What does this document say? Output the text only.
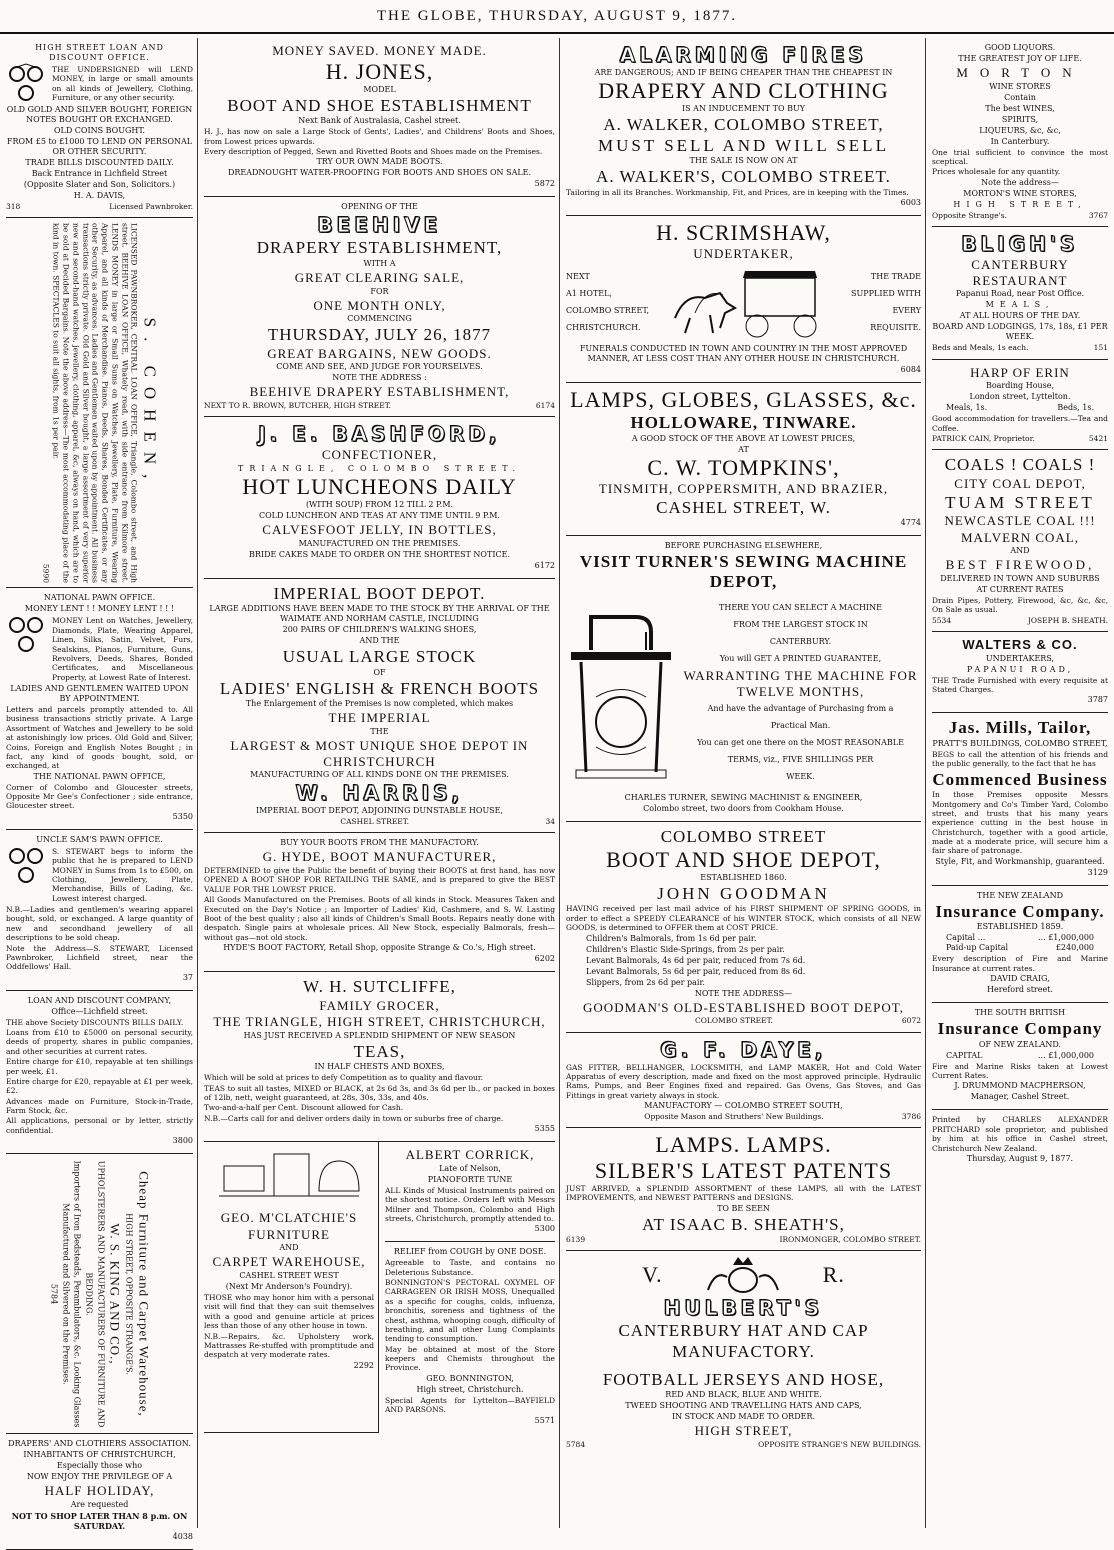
THE GLOBE, THURSDAY, AUGUST 9, 1877.

HIGH STREET LOAN AND DISCOUNT OFFICE.

THE UNDERSIGNED will LEND MONEY, in large or small amounts on all kinds of Jewellery, Clothing, Furniture, or any other security.

OLD GOLD AND SILVER BOUGHT, FOREIGN NOTES BOUGHT OR EXCHANGED.

OLD COINS BOUGHT.

FROM £5 to £1000 TO LEND ON PERSONAL OR OTHER SECURITY.

TRADE BILLS DISCOUNTED DAILY.

Back Entrance in Lichfield Street

(Opposite Slater and Son, Solicitors.)

H. A. DAVIS,

318	Licensed Pawnbroker.

S. COHEN,

LICENSED PAWNBROKER, CENTRAL LOAN OFFICE, Triangle, Colombo street, and High street. BEEHIVE LOAN OFFICE, Whately road, with side entrance from Kilmore street. LENDS MONEY in large or Small Sums on Watches, Jewellery, Plate, Furniture, Wearing Apparel, and all kinds of Merchandise. Pianos, Deeds, Shares, Bonded Certificates, or any other Security, as advances. Ladies and Gentlemen waited upon by appointment. All business transactions strictly private. Old Gold and Silver bought, a large assortment of very superior new and second-hand watches, jewellery, clothing, apparel, &c, always on hand, which are to be sold at Decided Bargains. Note the above address—The most accommodating place of the kind in town. SPECTACLES to suit all sights, from 1s per pair.

5990

NATIONAL PAWN OFFICE.

MONEY LENT ! ! MONEY LENT ! ! !

MONEY Lent on Watches, Jewellery, Diamonds, Plate, Wearing Apparel, Linen, Silks, Satin, Velvet, Furs, Sealskins, Pianos, Furniture, Guns, Revolvers, Deeds, Shares, Bonded Certificates, and Miscellaneous Property, at Lowest Rate of Interest.

LADIES AND GENTLEMEN WAITED UPON BY APPOINTMENT.

Letters and parcels promptly attended to. All business transactions strictly private. A Large Assortment of Watches and Jewellery to be sold at astonishingly low prices. Old Gold and Silver, Coins, Foreign and English Notes Bought ; in fact, any kind of goods bought, sold, or exchanged, at

THE NATIONAL PAWN OFFICE,

Corner of Colombo and Gloucester streets, Opposite Mr Gee's Confectioner ; side entrance, Gloucester street.

5350

UNCLE SAM'S PAWN OFFICE.

S. STEWART begs to inform the public that he is prepared to LEND MONEY in Sums from 1s to £500, on Clothing, Jewellery, Plate, Merchandise, Bills of Lading, &c. Lowest interest charged.

N.B.—Ladies and gentlemen's wearing apparel bought, sold, or exchanged. A large quantity of new and secondhand jewellery of all descriptions to be sold cheap.

Note the Address—S. STEWART, Licensed Pawnbroker, Lichfield street, near the Oddfellows' Hall.

37

LOAN AND DISCOUNT COMPANY,

Office—Lichfield street.

THE above Society DISCOUNTS BILLS DAILY.

Loans from £10 to £5000 on personal security, deeds of property, shares in public companies, and other securities at current rates.

Entire charge for £10, repayable at ten shillings per week, £1.

Entire charge for £20, repayable at £1 per week, £2.

Advances made on Furniture, Stock-in-Trade, Farm Stock, &c.

All applications, personal or by letter, strictly confidential.

3800

Cheap Furniture and Carpet Warehouse,

HIGH STREET, OPPOSITE STRANGE'S.

W. S. KING AND CO.,

UPHOLSTERERS AND MANUFACTURERS OF FURNITURE AND BEDDING.

Importers of Iron Bedsteads, Perambulators, &c. Looking Glasses Manufactured and Silvered on the Premises.

5784

DRAPERS' AND CLOTHIERS ASSOCIATION.

INHABITANTS OF CHRISTCHURCH,

Especially those who

NOW ENJOY THE PRIVILEGE OF A

HALF HOLIDAY,

Are requested

NOT TO SHOP LATER THAN 8 p.m. ON SATURDAY.

4038

MONEY SAVED. MONEY MADE.

H. JONES,

MODEL

BOOT AND SHOE ESTABLISHMENT

Next Bank of Australasia, Cashel street.

H. J., has now on sale a Large Stock of Gents', Ladies', and Childrens' Boots and Shoes, from Lowest prices upwards.

Every description of Pegged, Sewn and Rivetted Boots and Shoes made on the Premises.

TRY OUR OWN MADE BOOTS.

DREADNOUGHT WATER-PROOFING FOR BOOTS AND SHOES ON SALE.

5872

OPENING OF THE

BEEHIVE

DRAPERY ESTABLISHMENT,

WITH A

GREAT CLEARING SALE,

FOR

ONE MONTH ONLY,

COMMENCING

THURSDAY, JULY 26, 1877

GREAT BARGAINS, NEW GOODS.

COME AND SEE, AND JUDGE FOR YOURSELVES.

NOTE THE ADDRESS :

BEEHIVE DRAPERY ESTABLISHMENT,

NEXT TO R. BROWN, BUTCHER, HIGH STREET.	6174

J. E. BASHFORD,

CONFECTIONER,

TRIANGLE, COLOMBO STREET.

HOT LUNCHEONS DAILY

(WITH SOUP) FROM 12 TILL 2 P.M.

COLD LUNCHEON AND TEAS AT ANY TIME UNTIL 9 P.M.

CALVESFOOT JELLY, IN BOTTLES,

MANUFACTURED ON THE PREMISES.

BRIDE CAKES MADE TO ORDER ON THE SHORTEST NOTICE.

6172

IMPERIAL BOOT DEPOT.

LARGE ADDITIONS HAVE BEEN MADE TO THE STOCK BY THE ARRIVAL OF THE WAIMATE AND NORHAM CASTLE, INCLUDING

200 PAIRS OF CHILDREN'S WALKING SHOES,

AND THE

USUAL LARGE STOCK

OF

LADIES' ENGLISH & FRENCH BOOTS

The Enlargement of the Premises is now completed, which makes

THE IMPERIAL

THE

LARGEST & MOST UNIQUE SHOE DEPOT IN CHRISTCHURCH

MANUFACTURING OF ALL KINDS DONE ON THE PREMISES.

W. HARRIS,

IMPERIAL BOOT DEPOT, ADJOINING DUNSTABLE HOUSE,

CASHEL STREET.	34

BUY YOUR BOOTS FROM THE MANUFACTORY.

G. HYDE, BOOT MANUFACTURER,

DETERMINED to give the Public the benefit of buying their BOOTS at first hand, has now OPENED A BOOT SHOP FOR RETAILING THE SAME, and is prepared to give the BEST VALUE FOR THE LOWEST PRICE.

All Goods Manufactured on the Premises. Boots of all kinds in Stock. Measures Taken and Executed on the Day's Notice ; an Importer of Ladies' Kid, Cashmere, and S. W. Lasting Boot of the best quality ; also all kinds of Children's Small Boots. Repairs neatly done with despatch. Single pairs at wholesale prices. All New Stock, especially Balmorals, fresh—without gas—not old stock.

HYDE'S BOOT FACTORY, Retail Shop, opposite Strange & Co.'s, High street.

6202

W. H. SUTCLIFFE,

FAMILY GROCER,

THE TRIANGLE, HIGH STREET, CHRISTCHURCH,

HAS JUST RECEIVED A SPLENDID SHIPMENT OF NEW SEASON

TEAS,

IN HALF CHESTS AND BOXES,

Which will be sold at prices to defy Competition as to quality and flavour.

TEAS to suit all tastes, MIXED or BLACK, at 2s 6d 3s, and 3s 6d per lb., or packed in boxes of 12lb, nett, weight guaranteed, at 28s, 30s, 33s, and 40s.

Two-and-a-half per Cent. Discount allowed for Cash.

N.B.—Carts call for and deliver orders daily in town or suburbs free of charge.

5355

GEO. M'CLATCHIE'S

FURNITURE

AND

CARPET WAREHOUSE,

CASHEL STREET WEST

(Next Mr Anderson's Foundry).

THOSE who may honor him with a personal visit will find that they can suit themselves with a good and genuine article at prices less than those of any other house in town.

N.B.—Repairs, &c. Upholstery work, Mattrasses Re-stuffed with promptitude and despatch at very moderate rates.

2292

ALBERT CORRICK,

Late of Nelson,

PIANOFORTE TUNE

ALL Kinds of Musical Instruments paired on the shortest notice. Orders left with Messrs Milner and Thompson, Colombo and High streets, Christchurch, promptly attended to.

5300

RELIEF from COUGH by ONE DOSE.

Agreeable to Taste, and contains no Deleterious Substance.

BONNINGTON'S PECTORAL OXYMEL OF CARRAGEEN OR IRISH MOSS, Unequalled as a specific for coughs, colds, influenza, bronchitis, soreness and tightness of the chest, asthma, whooping cough, difficulty of breathing, and all other Lung Complaints tending to consumption.

May be obtained at most of the Store keepers and Chemists throughout the Province.

GEO. BONNINGTON,

High street, Christchurch.

Special Agents for Lyttelton—BAYFIELD AND PARSONS.

5571

ALARMING FIRES

ARE DANGEROUS; AND IF BEING CHEAPER THAN THE CHEAPEST IN

DRAPERY AND CLOTHING

IS AN INDUCEMENT TO BUY

A. WALKER, COLOMBO STREET,

MUST SELL AND WILL SELL

THE SALE IS NOW ON AT

A. WALKER'S, COLOMBO STREET.

Tailoring in all its Branches. Workmanship, Fit, and Prices, are in keeping with the Times.

6003

H. SCRIMSHAW,

UNDERTAKER,

NEXT

A1 HOTEL,

COLOMBO STREET,

CHRISTCHURCH.

THE TRADE

SUPPLIED WITH

EVERY

REQUISITE.

FUNERALS CONDUCTED IN TOWN AND COUNTRY IN THE MOST APPROVED MANNER, AT LESS COST THAN ANY OTHER HOUSE IN CHRISTCHURCH.

6084

LAMPS, GLOBES, GLASSES, &c.

HOLLOWARE, TINWARE.

A GOOD STOCK OF THE ABOVE AT LOWEST PRICES,

AT

C. W. TOMPKINS',

TINSMITH, COPPERSMITH, AND BRAZIER,

CASHEL STREET, W.

4774

BEFORE PURCHASING ELSEWHERE,

VISIT TURNER'S SEWING MACHINE DEPOT,

THERE YOU CAN SELECT A MACHINE

FROM THE LARGEST STOCK IN

CANTERBURY.

You will GET A PRINTED GUARANTEE,

WARRANTING THE MACHINE FOR

TWELVE MONTHS,

And have the advantage of Purchasing from a

Practical Man.

You can get one there on the MOST REASONABLE

TERMS, viz., FIVE SHILLINGS PER

WEEK.

CHARLES TURNER, SEWING MACHINIST & ENGINEER,

Colombo street, two doors from Cookham House.

COLOMBO STREET

BOOT AND SHOE DEPOT,

ESTABLISHED 1860.

JOHN GOODMAN

HAVING received per last mail advice of his FIRST SHIPMENT OF SPRING GOODS, in order to effect a SPEEDY CLEARANCE of his WINTER STOCK, which consists of all NEW GOODS, is determined to OFFER them at COST PRICE.

Children's Balmorals, from 1s 6d per pair.

Children's Elastic Side-Springs, from 2s per pair.

Levant Balmorals, 4s 6d per pair, reduced from 7s 6d.

Levant Balmorals, 5s 6d per pair, reduced from 8s 6d.

Slippers, from 2s 6d per pair.

NOTE THE ADDRESS—

GOODMAN'S OLD-ESTABLISHED BOOT DEPOT,

COLOMBO STREET.	6072

G. F. DAYE,

GAS FITTER, BELLHANGER, LOCKSMITH, and LAMP MAKER, Hot and Cold Water Apparatus of every description, made and fixed on the most approved principle. Hydraulic Rams, Pumps, and Beer Engines fixed and repaired. Gas Ovens, Gas Stoves, and Gas Fittings in great variety always in stock.

MANUFACTORY — COLOMBO STREET SOUTH,

Opposite Mason and Struthers' New Buildings.	3786

LAMPS. LAMPS.

SILBER'S LATEST PATENTS

JUST ARRIVED, a SPLENDID ASSORTMENT of these LAMPS, all with the LATEST IMPROVEMENTS, and NEWEST PATTERNS and DESIGNS.

TO BE SEEN

AT ISAAC B. SHEATH'S,

6139	IRONMONGER, COLOMBO STREET.
V.	R.

HULBERT'S

CANTERBURY HAT AND CAP

MANUFACTORY.

FOOTBALL JERSEYS AND HOSE,

RED AND BLACK, BLUE AND WHITE.

TWEED SHOOTING AND TRAVELLING HATS AND CAPS,

IN STOCK AND MADE TO ORDER.

HIGH STREET,

5784	OPPOSITE STRANGE'S NEW BUILDINGS.

GOOD LIQUORS.

THE GREATEST JOY OF LIFE.

MORTON

WINE STORES

Contain

The best WINES,

SPIRITS,

LIQUEURS, &c, &c,

In Canterbury.

One trial sufficient to convince the most sceptical.

Prices wholesale for any quantity.

Note the address—

MORTON'S WINE STORES,

HIGH STREET,

Opposite Strange's.	3767

BLIGH'S

CANTERBURY RESTAURANT

Papanui Road, near Post Office.

MEALS,

AT ALL HOURS OF THE DAY.

BOARD AND LODGINGS, 17s, 18s, £1 PER WEEK.

Beds and Meals, 1s each.	151

HARP OF ERIN

Boarding House,

London street, Lyttelton.

Meals, 1s.	Beds, 1s.

Good accommodation for travellers.—Tea and Coffee.

PATRICK CAIN, Proprietor.	5421

COALS ! COALS !

CITY COAL DEPOT,

TUAM STREET

NEWCASTLE COAL !!!

MALVERN COAL,

AND

BEST FIREWOOD,

DELIVERED IN TOWN AND SUBURBS

AT CURRENT RATES

Drain Pipes, Pottery, Firewood, &c, &c, &c, On Sale as usual.

5534	JOSEPH B. SHEATH.

WALTERS & CO.

UNDERTAKERS,

PAPANUI ROAD,

THE Trade Furnished with every requisite at Stated Charges.

3787

Jas. Mills, Tailor,

PRATT'S BUILDINGS, COLOMBO STREET,

BEGS to call the attention of his friends and the public generally, to the fact that he has

Commenced Business

In those Premises opposite Messrs Montgomery and Co's Timber Yard, Colombo street, and trusts that his many years experience cutting in the best house in Christchurch, together with a good article, made at a moderate price, will secure him a fair share of patronage.

Style, Fit, and Workmanship, guaranteed.

3129

THE NEW ZEALAND

Insurance Company.

ESTABLISHED 1859.

Capital ...	... £1,000,000
Paid-up Capital	£240,000

Every description of Fire and Marine Insurance at current rates.

DAVID CRAIG,

Hereford street.

THE SOUTH BRITISH

Insurance Company

OF NEW ZEALAND.

CAPITAL	... £1,000,000

Fire and Marine Risks taken at Lowest Current Rates.

J. DRUMMOND MACPHERSON,

Manager, Cashel Street.

Printed by CHARLES ALEXANDER PRITCHARD sole proprietor, and published by him at his office in Cashel street, Christchurch New Zealand.

Thursday, August 9, 1877.
